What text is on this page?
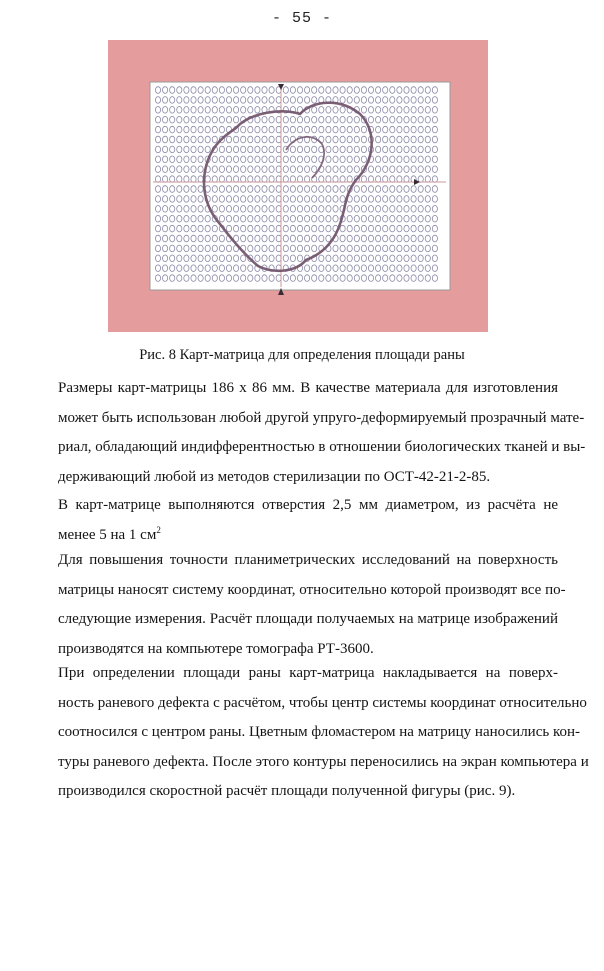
- 55 -
Рис. 8 Карт-матрица для определения площади раны
Размеры карт-матрицы 186 х 86 мм. В качестве материала для изготовления
может быть использован любой другой упруго-деформируемый прозрачный мате-
риал, обладающий индифферентностью в отношении биологических тканей и вы-
держивающий любой из методов стерилизации по ОСТ-42-21-2-85.
В карт-матрице выполняются отверстия 2,5 мм диаметром, из расчёта не
менее 5 на 1 $см^2$
Для повышения точности планиметрических исследований на поверхность
матрицы наносят систему координат, относительно которой производят все по-
следующие измерения. Расчёт площади получаемых на матрице изображений
производятся на компьютере томографа РТ-3600.
При определении площади раны карт-матрица накладывается на поверх-
ность раневого дефекта с расчётом, чтобы центр системы координат относительно
соотносился с центром раны. Цветным фломастером на матрицу наносились кон-
туры раневого дефекта. После этого контуры переносились на экран компьютера и
производился скоростной расчёт площади полученной фигуры (рис. 9).
